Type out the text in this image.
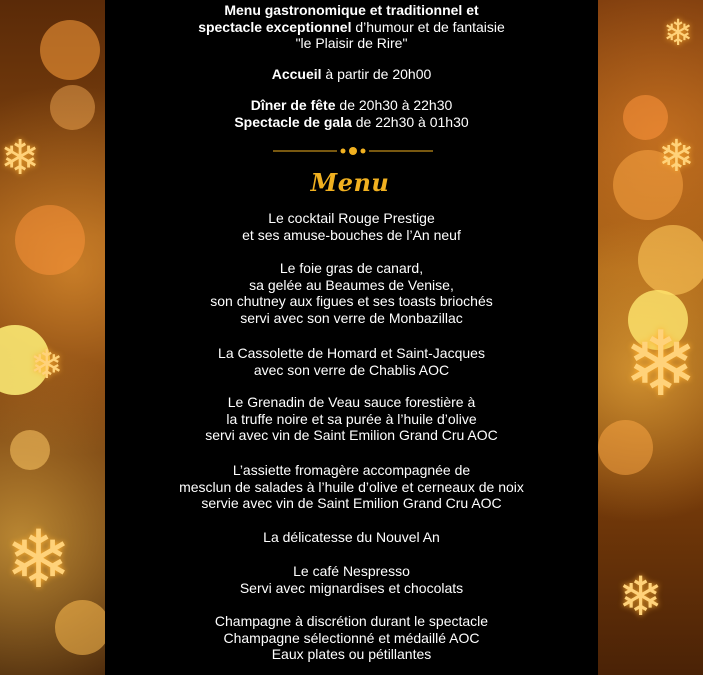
❄
❄
❄
❄
❄
❄
❄
Menu gastronomique et traditionnel et
spectacle exceptionnel d’humour et de fantaisie
"le Plaisir de Rire"
Accueil à partir de 20h00
Dîner de fête de 20h30 à 22h30
Spectacle de gala de 22h30 à 01h30
Menu
Le cocktail Rouge Prestige
et ses amuse-bouches de l’An neuf
Le foie gras de canard,
sa gelée au Beaumes de Venise,
son chutney aux figues et ses toasts briochés
servi avec son verre de Monbazillac
La Cassolette de Homard et Saint-Jacques
avec son verre de Chablis AOC
Le Grenadin de Veau sauce forestière à
la truffe noire et sa purée à l’huile d’olive
servi avec vin de Saint Emilion Grand Cru AOC
L’assiette fromagère accompagnée de
mesclun de salades à l’huile d’olive et cerneaux de noix
servie avec vin de Saint Emilion Grand Cru AOC
La délicatesse du Nouvel An
Le café Nespresso
Servi avec mignardises et chocolats
Champagne à discrétion durant le spectacle
Champagne sélectionné et médaillé AOC
Eaux plates ou pétillantes
